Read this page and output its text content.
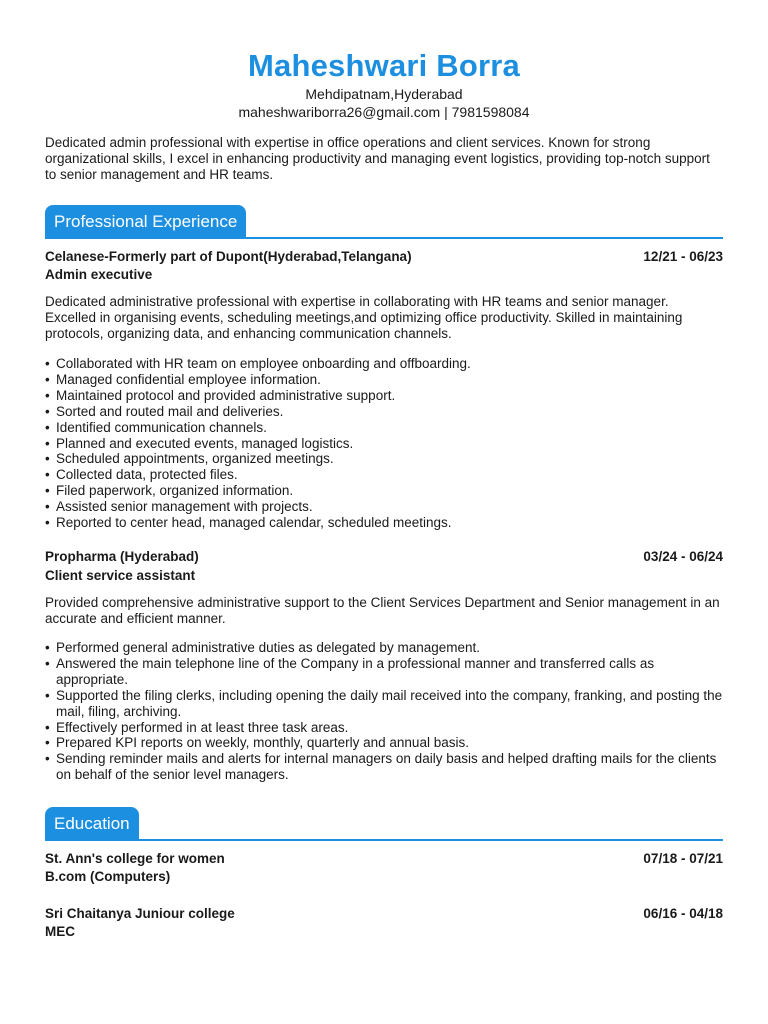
Maheshwari Borra
Mehdipatnam,Hyderabad
maheshwariborra26@gmail.com | 7981598084
Dedicated admin professional with expertise in office operations and client services. Known for strong organizational skills, I excel in enhancing productivity and managing event logistics, providing top-notch support to senior management and HR teams.
Professional Experience
Celanese-Formerly part of Dupont(Hyderabad,Telangana)	12/21 - 06/23
Admin executive
Dedicated administrative professional with expertise in collaborating with HR teams and senior manager. Excelled in organising events, scheduling meetings,and optimizing office productivity. Skilled in maintaining protocols, organizing data, and enhancing communication channels.
• Collaborated with HR team on employee onboarding and offboarding.
• Managed confidential employee information.
• Maintained protocol and provided administrative support.
• Sorted and routed mail and deliveries.
• Identified communication channels.
• Planned and executed events, managed logistics.
• Scheduled appointments, organized meetings.
• Collected data, protected files.
• Filed paperwork, organized information.
• Assisted senior management with projects.
• Reported to center head, managed calendar, scheduled meetings.
Propharma (Hyderabad)	03/24 - 06/24
Client service assistant
Provided comprehensive administrative support to the Client Services Department and Senior management in an accurate and efficient manner.
• Performed general administrative duties as delegated by management.
• Answered the main telephone line of the Company in a professional manner and transferred calls as appropriate.
• Supported the filing clerks, including opening the daily mail received into the company, franking, and posting the mail, filing, archiving.
• Effectively performed in at least three task areas.
• Prepared KPI reports on weekly, monthly, quarterly and annual basis.
• Sending reminder mails and alerts for internal managers on daily basis and helped drafting mails for the clients on behalf of the senior level managers.
Education
St. Ann's college for women	07/18 - 07/21
B.com (Computers)
Sri Chaitanya Juniour college	06/16 - 04/18
MEC
